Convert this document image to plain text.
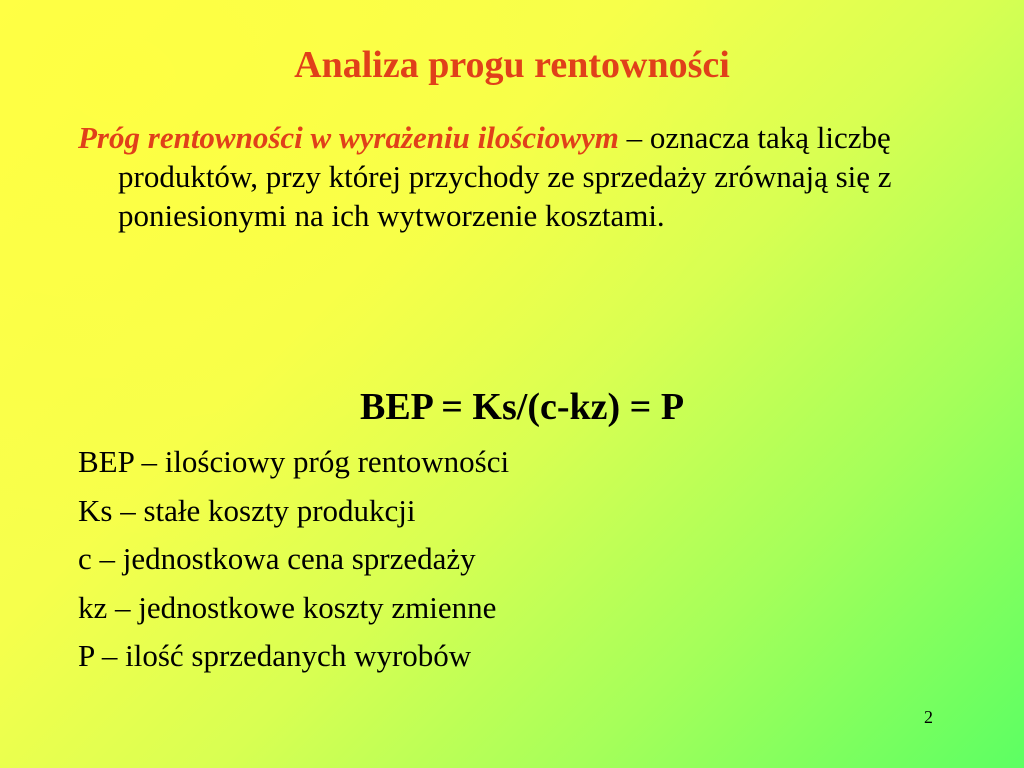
Analiza progu rentowności
Próg rentowności w wyrażeniu ilościowym – oznacza taką liczbę produktów, przy której przychody ze sprzedaży zrównają się z poniesionymi na ich wytworzenie kosztami.
BEP = Ks/(c-kz) = P
BEP – ilościowy próg rentowności
Ks – stałe koszty produkcji
c – jednostkowa cena sprzedaży
kz – jednostkowe koszty zmienne
P – ilość sprzedanych wyrobów
2
